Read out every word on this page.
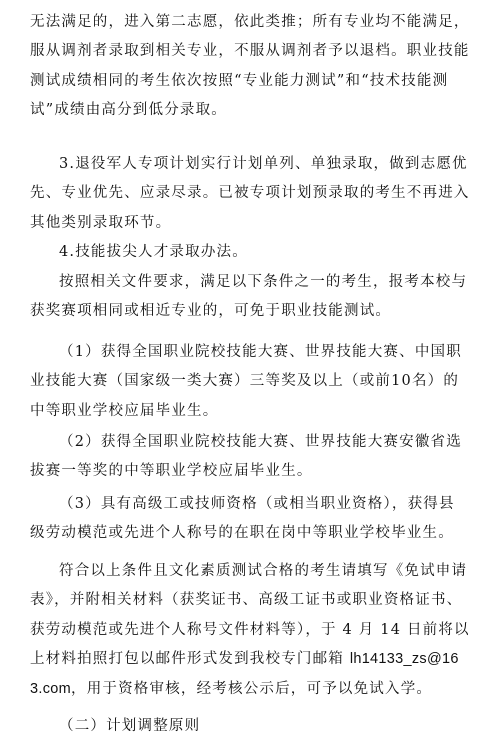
无法满足的，进入第二志愿，依此类推；所有专业均不能满足，服从调剂者录取到相关专业，不服从调剂者予以退档。职业技能测试成绩相同的考生依次按照“专业能力测试”和“技术技能测试”成绩由高分到低分录取。

3.退役军人专项计划实行计划单列、单独录取，做到志愿优先、专业优先、应录尽录。已被专项计划预录取的考生不再进入其他类别录取环节。

4.技能拔尖人才录取办法。

按照相关文件要求，满足以下条件之一的考生，报考本校与获奖赛项相同或相近专业的，可免于职业技能测试。

（1）获得全国职业院校技能大赛、世界技能大赛、中国职业技能大赛（国家级一类大赛）三等奖及以上（或前10名）的中等职业学校应届毕业生。

（2）获得全国职业院校技能大赛、世界技能大赛安徽省选拔赛一等奖的中等职业学校应届毕业生。

（3）具有高级工或技师资格（或相当职业资格），获得县级劳动模范或先进个人称号的在职在岗中等职业学校毕业生。

符合以上条件且文化素质测试合格的考生请填写《免试申请表》，并附相关材料（获奖证书、高级工证书或职业资格证书、获劳动模范或先进个人称号文件材料等），于 4 月 14 日前将以上材料拍照打包以邮件形式发到我校专门邮箱 lh14133_zs@163.com，用于资格审核，经考核公示后，可予以免试入学。

（二）计划调整原则
